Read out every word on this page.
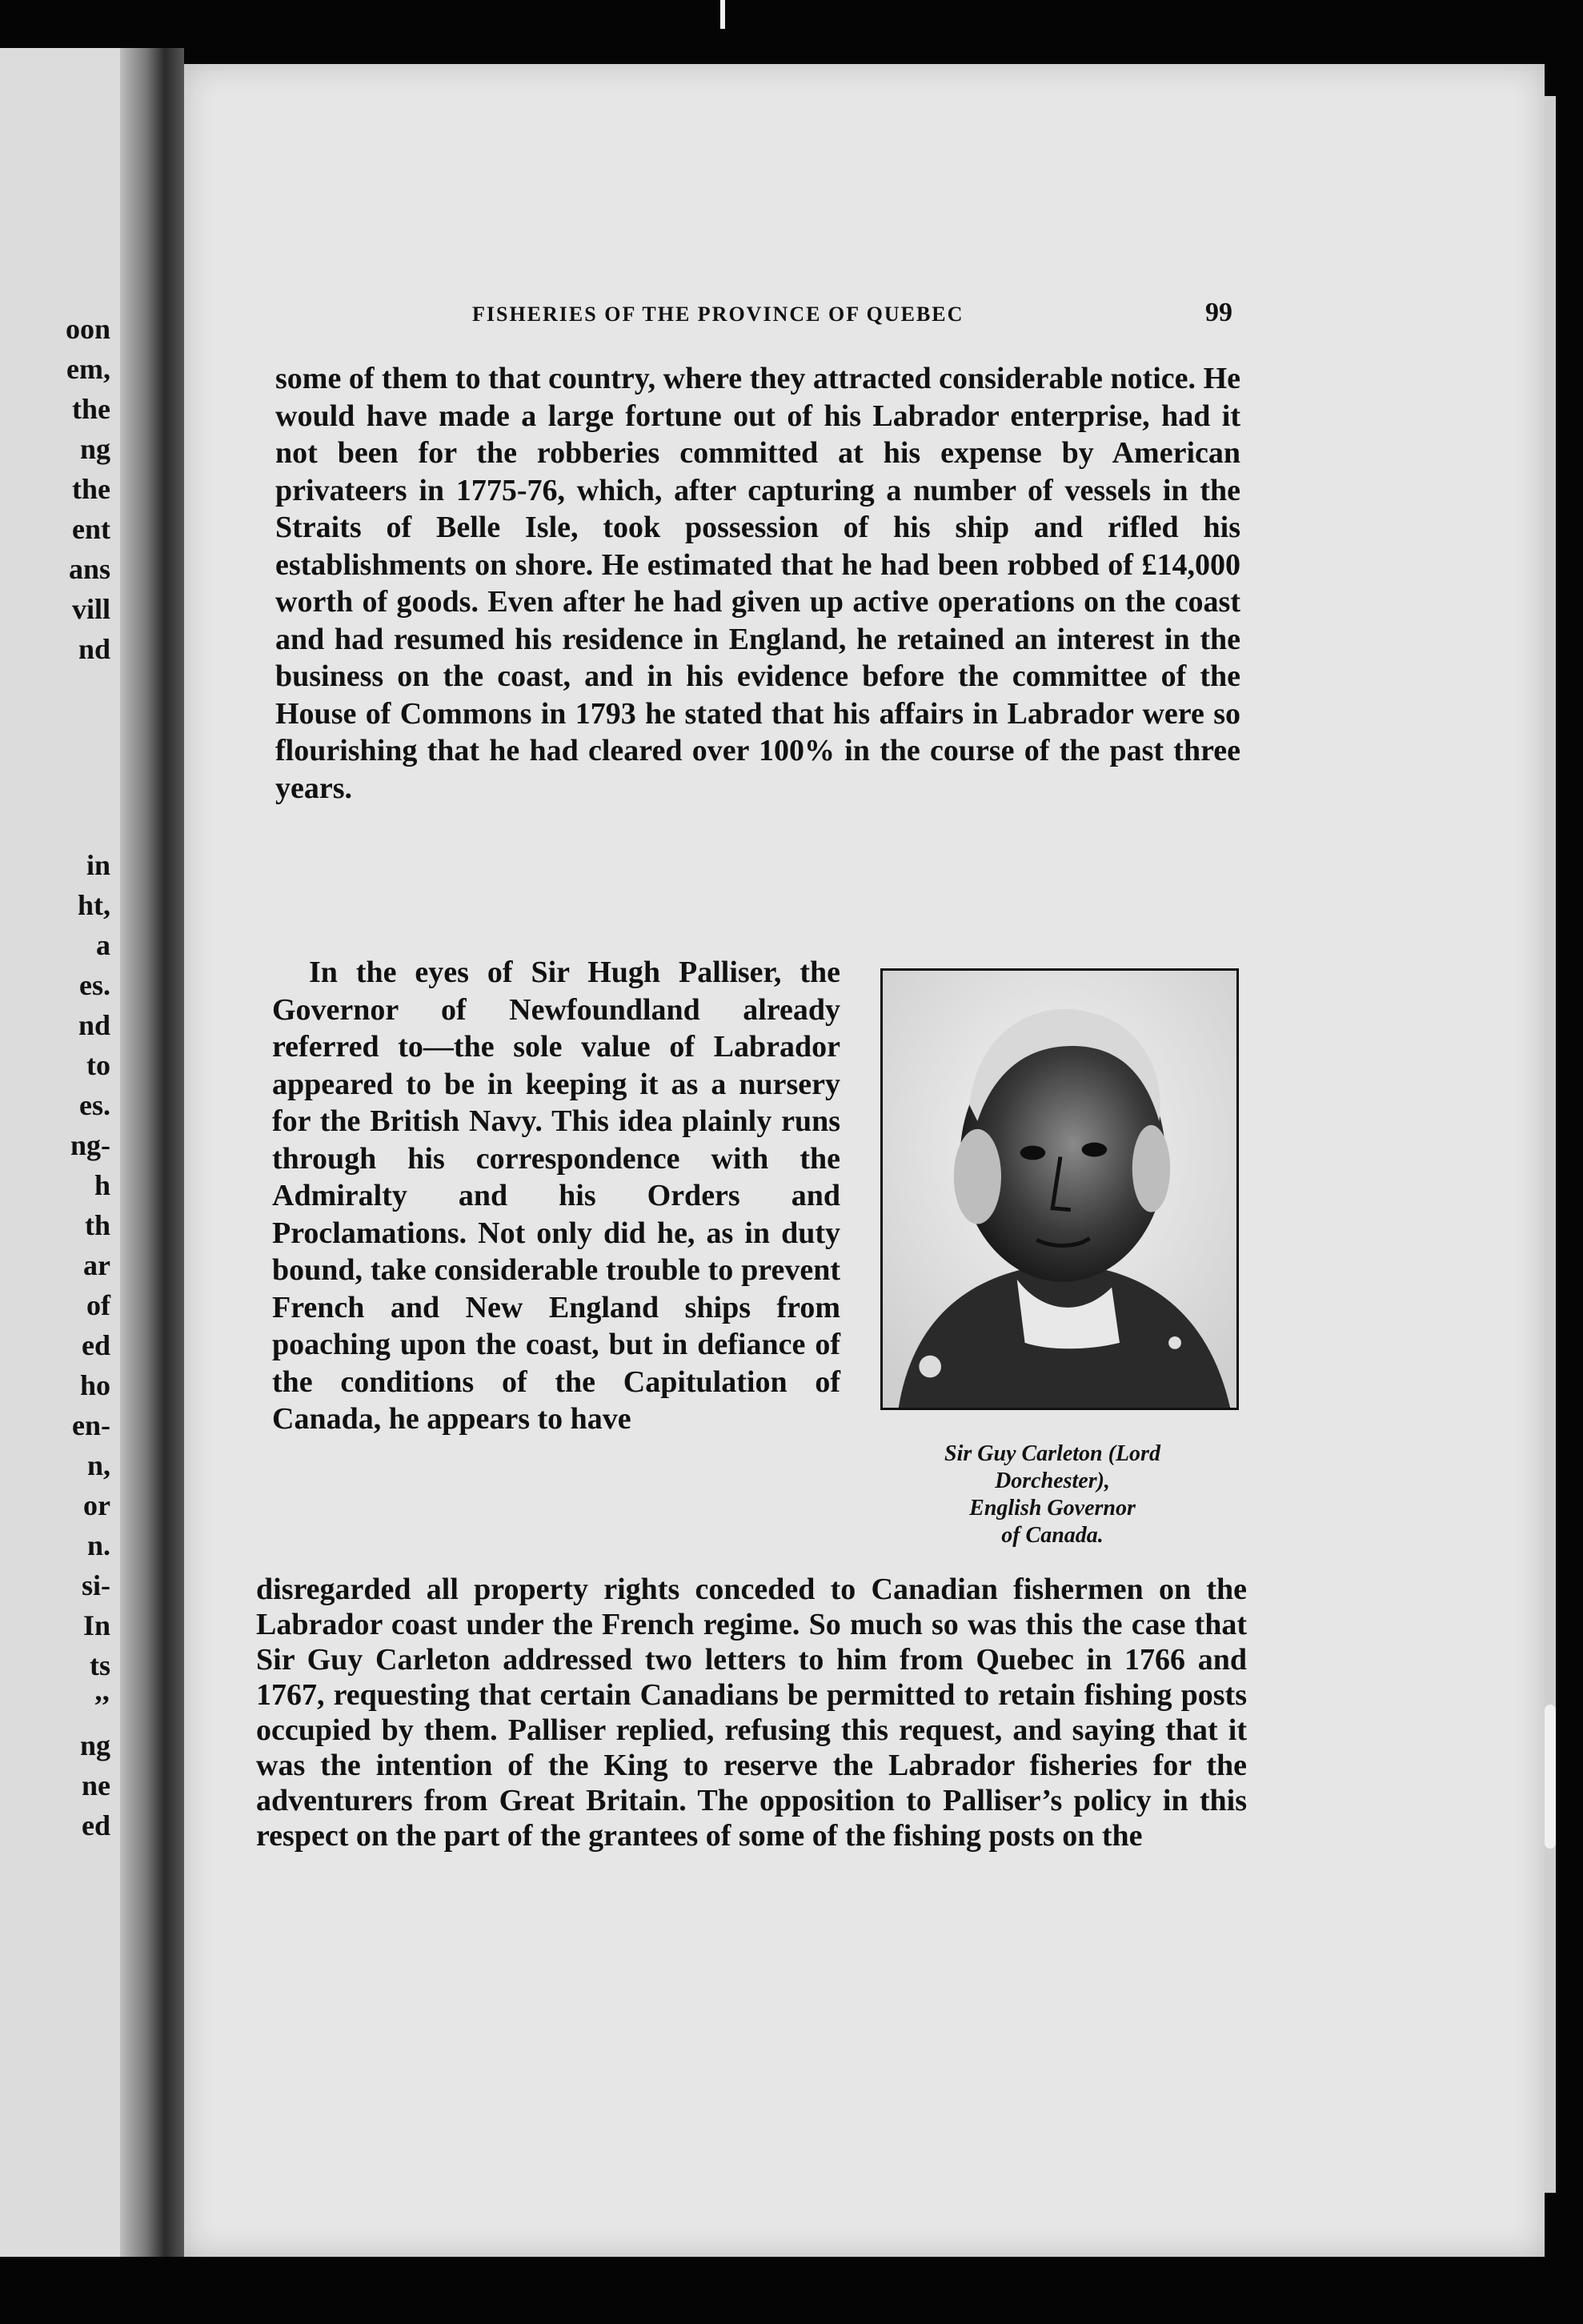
oon
em,
the
ng
the
ent
ans
vill
nd
in
ht,
a
es.
nd
to
es.
ng-
h
th
ar
of
ed
ho
en-
n,
or
n.
si-
In
ts
’’
ng
ne
ed
FISHERIES OF THE PROVINCE OF QUEBEC	99
some of them to that country, where they attracted considerable notice. He would have made a large fortune out of his Labrador enterprise, had it not been for the robberies committed at his expense by American privateers in 1775-76, which, after capturing a number of vessels in the Straits of Belle Isle, took possession of his ship and rifled his establishments on shore. He estimated that he had been robbed of £14,000 worth of goods. Even after he had given up active operations on the coast and had resumed his residence in England, he retained an interest in the business on the coast, and in his evidence before the committee of the House of Commons in 1793 he stated that his affairs in Labrador were so flourishing that he had cleared over 100% in the course of the past three years.
In the eyes of Sir Hugh Palliser, the Governor of Newfoundland already referred to—the sole value of Labrador appeared to be in keeping it as a nursery for the British Navy. This idea plainly runs through his correspondence with the Admiralty and his Orders and Proclamations. Not only did he, as in duty bound, take considerable trouble to prevent French and New England ships from poaching upon the coast, but in defiance of the conditions of the Capitulation of Canada, he appears to have
Sir Guy Carleton (Lord
Dorchester),
English Governor
of Canada.
disregarded all property rights conceded to Canadian fishermen on the Labrador coast under the French regime. So much so was this the case that Sir Guy Carleton addressed two letters to him from Quebec in 1766 and 1767, requesting that certain Canadians be permitted to retain fishing posts occupied by them. Palliser replied, refusing this request, and saying that it was the intention of the King to reserve the Labrador fisheries for the adventurers from Great Britain. The opposition to Palliser’s policy in this respect on the part of the grantees of some of the fishing posts on the
